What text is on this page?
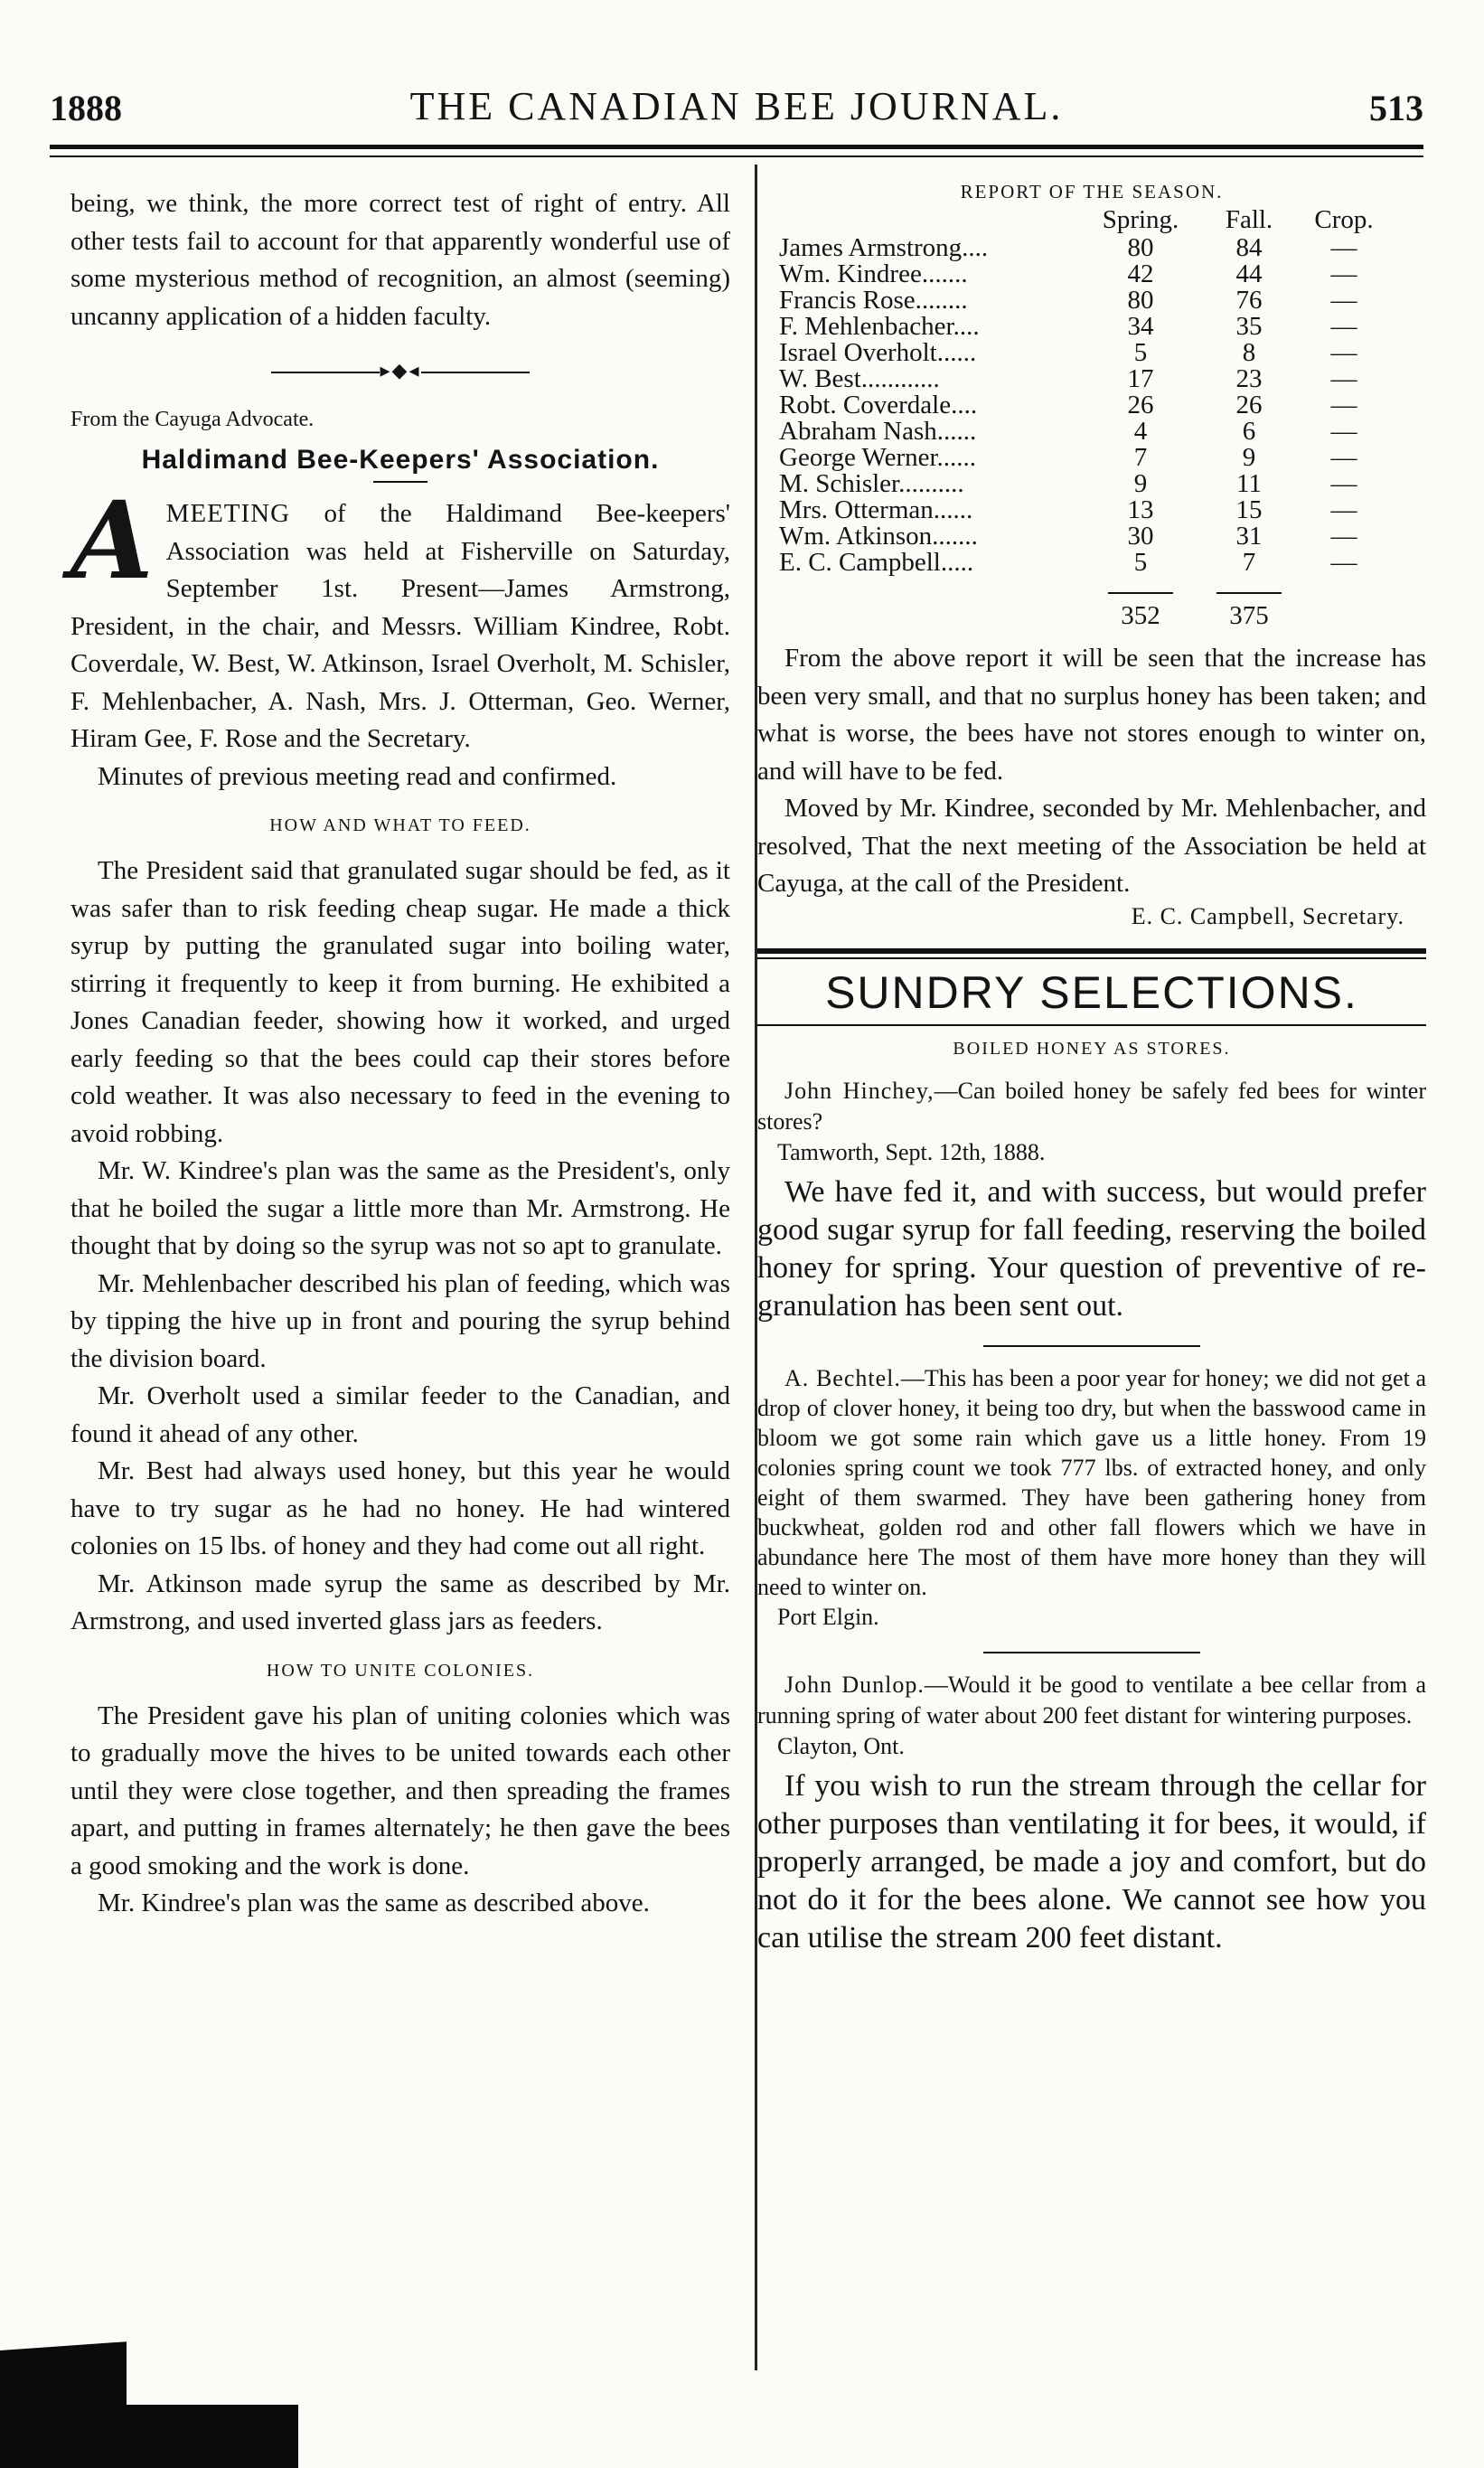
1888	THE CANADIAN BEE JOURNAL.	513

being, we think, the more correct test of right of entry. All other tests fail to account for that apparently wonderful use of some mysterious method of recognition, an almost (seeming) uncanny application of a hidden faculty.

▸◆◂

From the Cayuga Advocate.

Haldimand Bee-Keepers' Association.
A MEETING of the Haldimand Bee-keepers' Association was held at Fisherville on Saturday, September 1st. Present—James Armstrong, President, in the chair, and Messrs. William Kindree, Robt. Coverdale, W. Best, W. Atkinson, Israel Overholt, M. Schisler, F. Mehlenbacher, A. Nash, Mrs. J. Otterman, Geo. Werner, Hiram Gee, F. Rose and the Secretary.

Minutes of previous meeting read and confirmed.

HOW AND WHAT TO FEED.

The President said that granulated sugar should be fed, as it was safer than to risk feeding cheap sugar. He made a thick syrup by putting the granulated sugar into boiling water, stirring it frequently to keep it from burning. He exhibited a Jones Canadian feeder, showing how it worked, and urged early feeding so that the bees could cap their stores before cold weather. It was also necessary to feed in the evening to avoid robbing.

Mr. W. Kindree's plan was the same as the President's, only that he boiled the sugar a little more than Mr. Armstrong. He thought that by doing so the syrup was not so apt to granulate.

Mr. Mehlenbacher described his plan of feeding, which was by tipping the hive up in front and pouring the syrup behind the division board.

Mr. Overholt used a similar feeder to the Canadian, and found it ahead of any other.

Mr. Best had always used honey, but this year he would have to try sugar as he had no honey. He had wintered colonies on 15 lbs. of honey and they had come out all right.

Mr. Atkinson made syrup the same as described by Mr. Armstrong, and used inverted glass jars as feeders.

HOW TO UNITE COLONIES.

The President gave his plan of uniting colonies which was to gradually move the hives to be united towards each other until they were close together, and then spreading the frames apart, and putting in frames alternately; he then gave the bees a good smoking and the work is done.

Mr. Kindree's plan was the same as described above.

REPORT OF THE SEASON.
	Spring.	Fall.	Crop.
James Armstrong....	80	84	—
Wm. Kindree.......	42	44	—
Francis Rose........	80	76	—
F. Mehlenbacher....	34	35	—
Israel Overholt......	5	8	—
W. Best............	17	23	—
Robt. Coverdale....	26	26	—
Abraham Nash......	4	6	—
George Werner......	7	9	—
M. Schisler..........	9	11	—
Mrs. Otterman......	13	15	—
Wm. Atkinson.......	30	31	—
E. C. Campbell.....	5	7	—

352	375	

From the above report it will be seen that the increase has been very small, and that no surplus honey has been taken; and what is worse, the bees have not stores enough to winter on, and will have to be fed.

Moved by Mr. Kindree, seconded by Mr. Mehlenbacher, and resolved, That the next meeting of the Association be held at Cayuga, at the call of the President.

E. C. Campbell, Secretary.

SUNDRY SELECTIONS.
BOILED HONEY AS STORES.

John Hinchey,—Can boiled honey be safely fed bees for winter stores?

Tamworth, Sept. 12th, 1888.

We have fed it, and with success, but would prefer good sugar syrup for fall feeding, reserving the boiled honey for spring. Your question of preventive of re-granulation has been sent out.

A. Bechtel.—This has been a poor year for honey; we did not get a drop of clover honey, it being too dry, but when the basswood came in bloom we got some rain which gave us a little honey. From 19 colonies spring count we took 777 lbs. of extracted honey, and only eight of them swarmed. They have been gathering honey from buckwheat, golden rod and other fall flowers which we have in abundance here The most of them have more honey than they will need to winter on.

Port Elgin.

John Dunlop.—Would it be good to ventilate a bee cellar from a running spring of water about 200 feet distant for wintering purposes.

Clayton, Ont.

If you wish to run the stream through the cellar for other purposes than ventilating it for bees, it would, if properly arranged, be made a joy and comfort, but do not do it for the bees alone. We cannot see how you can utilise the stream 200 feet distant.
